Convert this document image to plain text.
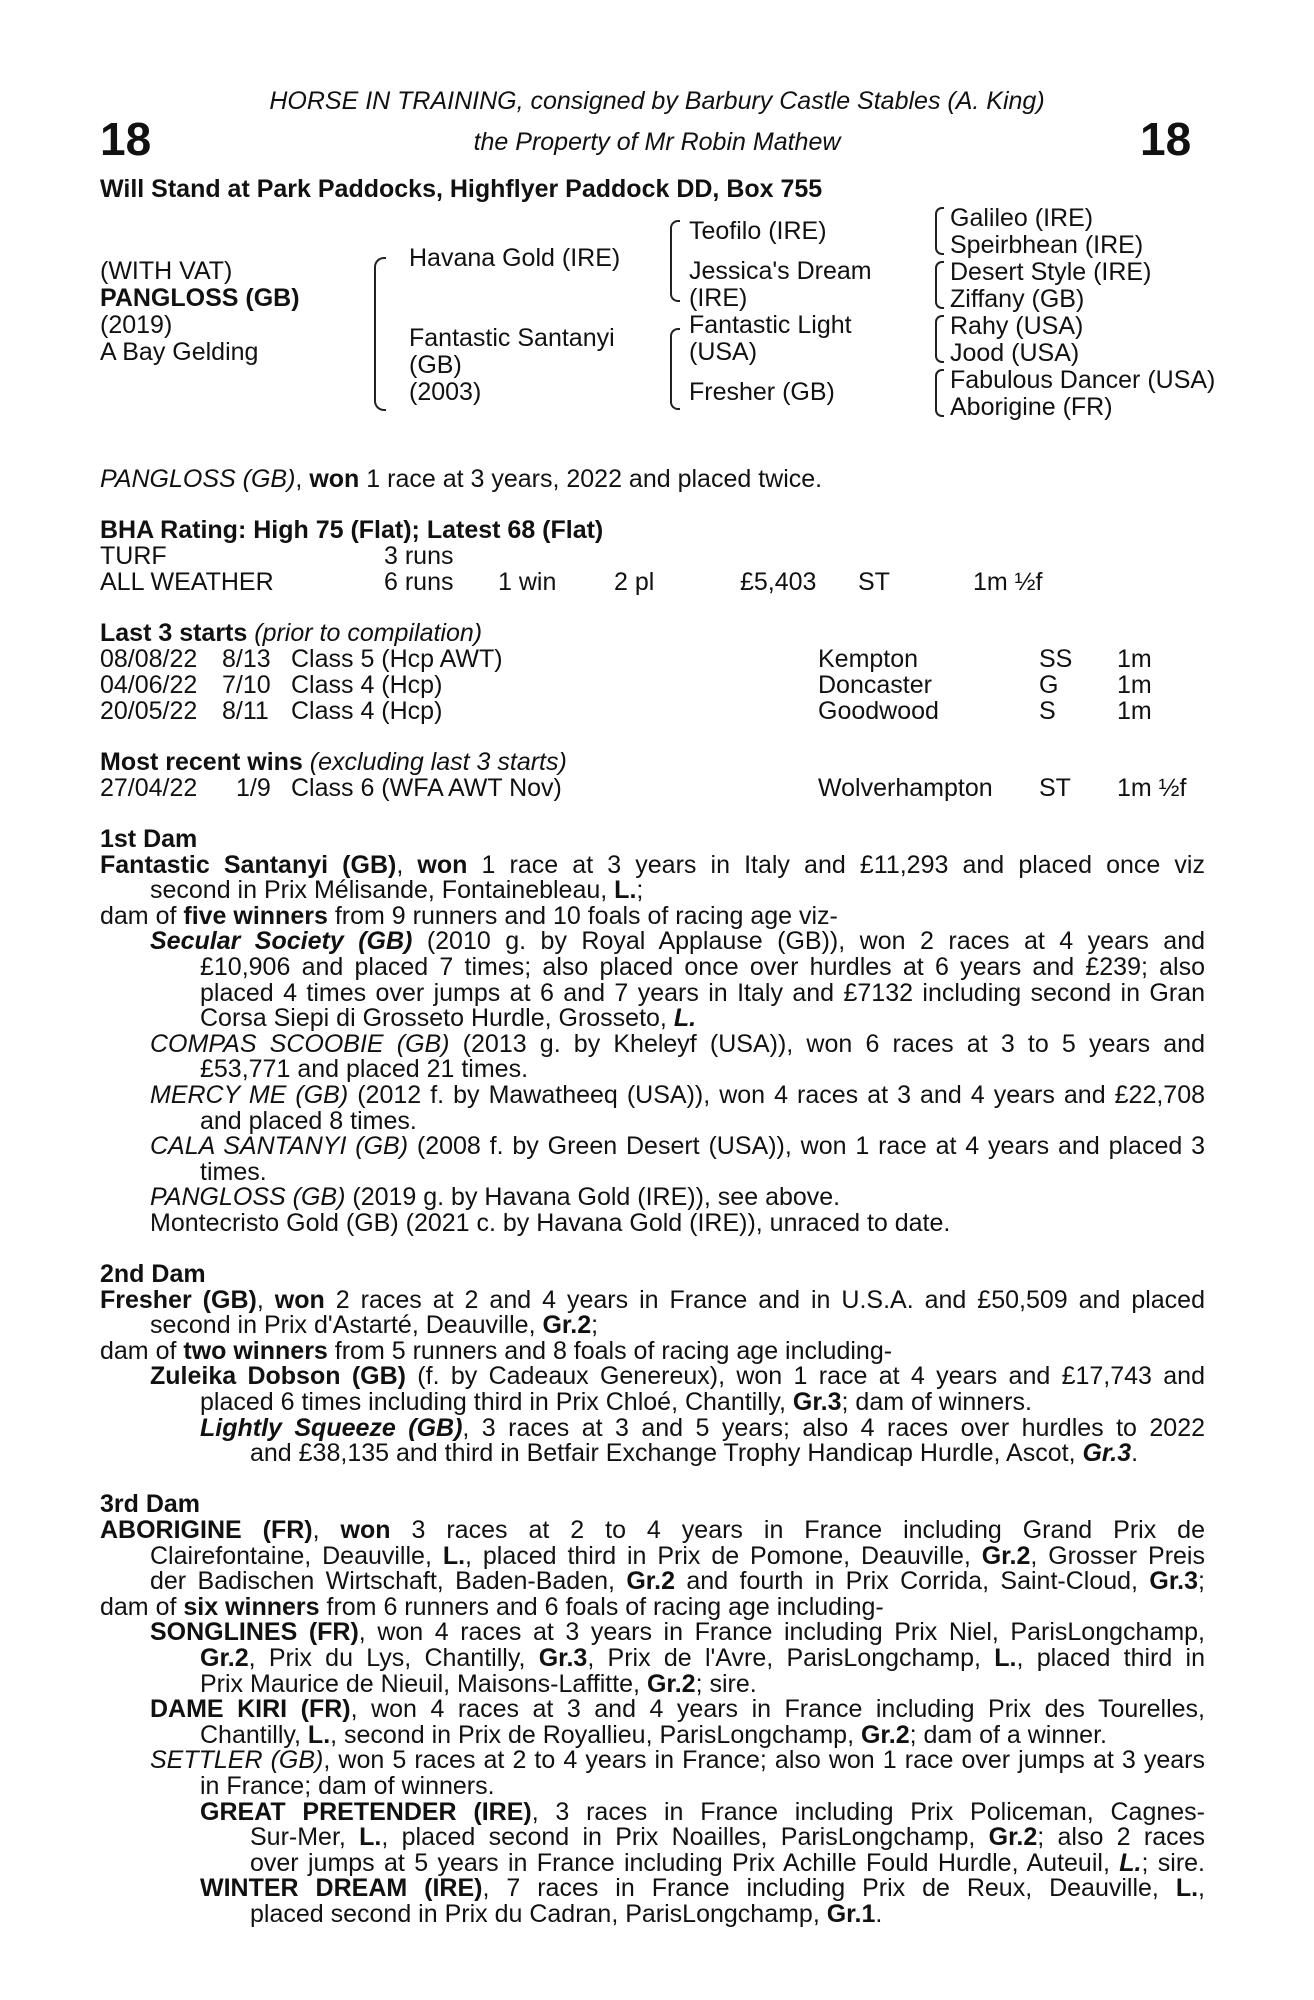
18	18
HORSE IN TRAINING, consigned by Barbury Castle Stables (A. King)
the Property of Mr Robin Mathew
Will Stand at Park Paddocks, Highflyer Paddock DD, Box 755
(WITH VAT)
PANGLOSS (GB)
(2019)
A Bay Gelding
Havana Gold (IRE)
Fantastic Santanyi
(GB)
(2003)
Teofilo (IRE)
Jessica's Dream
(IRE)
Fantastic Light
(USA)
Fresher (GB)
Galileo (IRE)
Speirbhean (IRE)
Desert Style (IRE)
Ziffany (GB)
Rahy (USA)
Jood (USA)
Fabulous Dancer (USA)
Aborigine (FR)
PANGLOSS (GB), won 1 race at 3 years, 2022 and placed twice.
BHA Rating: High 75 (Flat); Latest 68 (Flat)
TURF	3 runs
ALL WEATHER	6 runs 1 win 2 pl	£5,403 ST	1m ½f
Last 3 starts (prior to compilation)
08/08/22 8/13 Class 5 (Hcp AWT)	Kempton	SS 1m
04/06/22 7/10 Class 4 (Hcp)	Doncaster	G 1m
20/05/22 8/11 Class 4 (Hcp)	Goodwood	S 1m
Most recent wins (excluding last 3 starts)
27/04/22 1/9 Class 6 (WFA AWT Nov)	Wolverhampton ST 1m ½f
1st Dam
Fantastic Santanyi (GB), won 1 race at 3 years in Italy and £11,293 and placed once viz
second in Prix Mélisande, Fontainebleau, L.;
dam of five winners from 9 runners and 10 foals of racing age viz-
Secular Society (GB) (2010 g. by Royal Applause (GB)), won 2 races at 4 years and
£10,906 and placed 7 times; also placed once over hurdles at 6 years and £239; also
placed 4 times over jumps at 6 and 7 years in Italy and £7132 including second in Gran
Corsa Siepi di Grosseto Hurdle, Grosseto, L.
COMPAS SCOOBIE (GB) (2013 g. by Kheleyf (USA)), won 6 races at 3 to 5 years and
£53,771 and placed 21 times.
MERCY ME (GB) (2012 f. by Mawatheeq (USA)), won 4 races at 3 and 4 years and £22,708
and placed 8 times.
CALA SANTANYI (GB) (2008 f. by Green Desert (USA)), won 1 race at 4 years and placed 3
times.
PANGLOSS (GB) (2019 g. by Havana Gold (IRE)), see above.
Montecristo Gold (GB) (2021 c. by Havana Gold (IRE)), unraced to date.
2nd Dam
Fresher (GB), won 2 races at 2 and 4 years in France and in U.S.A. and £50,509 and placed
second in Prix d'Astarté, Deauville, Gr.2;
dam of two winners from 5 runners and 8 foals of racing age including-
Zuleika Dobson (GB) (f. by Cadeaux Genereux), won 1 race at 4 years and £17,743 and
placed 6 times including third in Prix Chloé, Chantilly, Gr.3; dam of winners.
Lightly Squeeze (GB), 3 races at 3 and 5 years; also 4 races over hurdles to 2022
and £38,135 and third in Betfair Exchange Trophy Handicap Hurdle, Ascot, Gr.3.
3rd Dam
ABORIGINE (FR), won 3 races at 2 to 4 years in France including Grand Prix de
Clairefontaine, Deauville, L., placed third in Prix de Pomone, Deauville, Gr.2, Grosser Preis
der Badischen Wirtschaft, Baden-Baden, Gr.2 and fourth in Prix Corrida, Saint-Cloud, Gr.3;
dam of six winners from 6 runners and 6 foals of racing age including-
SONGLINES (FR), won 4 races at 3 years in France including Prix Niel, ParisLongchamp,
Gr.2, Prix du Lys, Chantilly, Gr.3, Prix de l'Avre, ParisLongchamp, L., placed third in
Prix Maurice de Nieuil, Maisons-Laffitte, Gr.2; sire.
DAME KIRI (FR), won 4 races at 3 and 4 years in France including Prix des Tourelles,
Chantilly, L., second in Prix de Royallieu, ParisLongchamp, Gr.2; dam of a winner.
SETTLER (GB), won 5 races at 2 to 4 years in France; also won 1 race over jumps at 3 years
in France; dam of winners.
GREAT PRETENDER (IRE), 3 races in France including Prix Policeman, Cagnes-
Sur-Mer, L., placed second in Prix Noailles, ParisLongchamp, Gr.2; also 2 races
over jumps at 5 years in France including Prix Achille Fould Hurdle, Auteuil, L.; sire.
WINTER DREAM (IRE), 7 races in France including Prix de Reux, Deauville, L.,
placed second in Prix du Cadran, ParisLongchamp, Gr.1.
